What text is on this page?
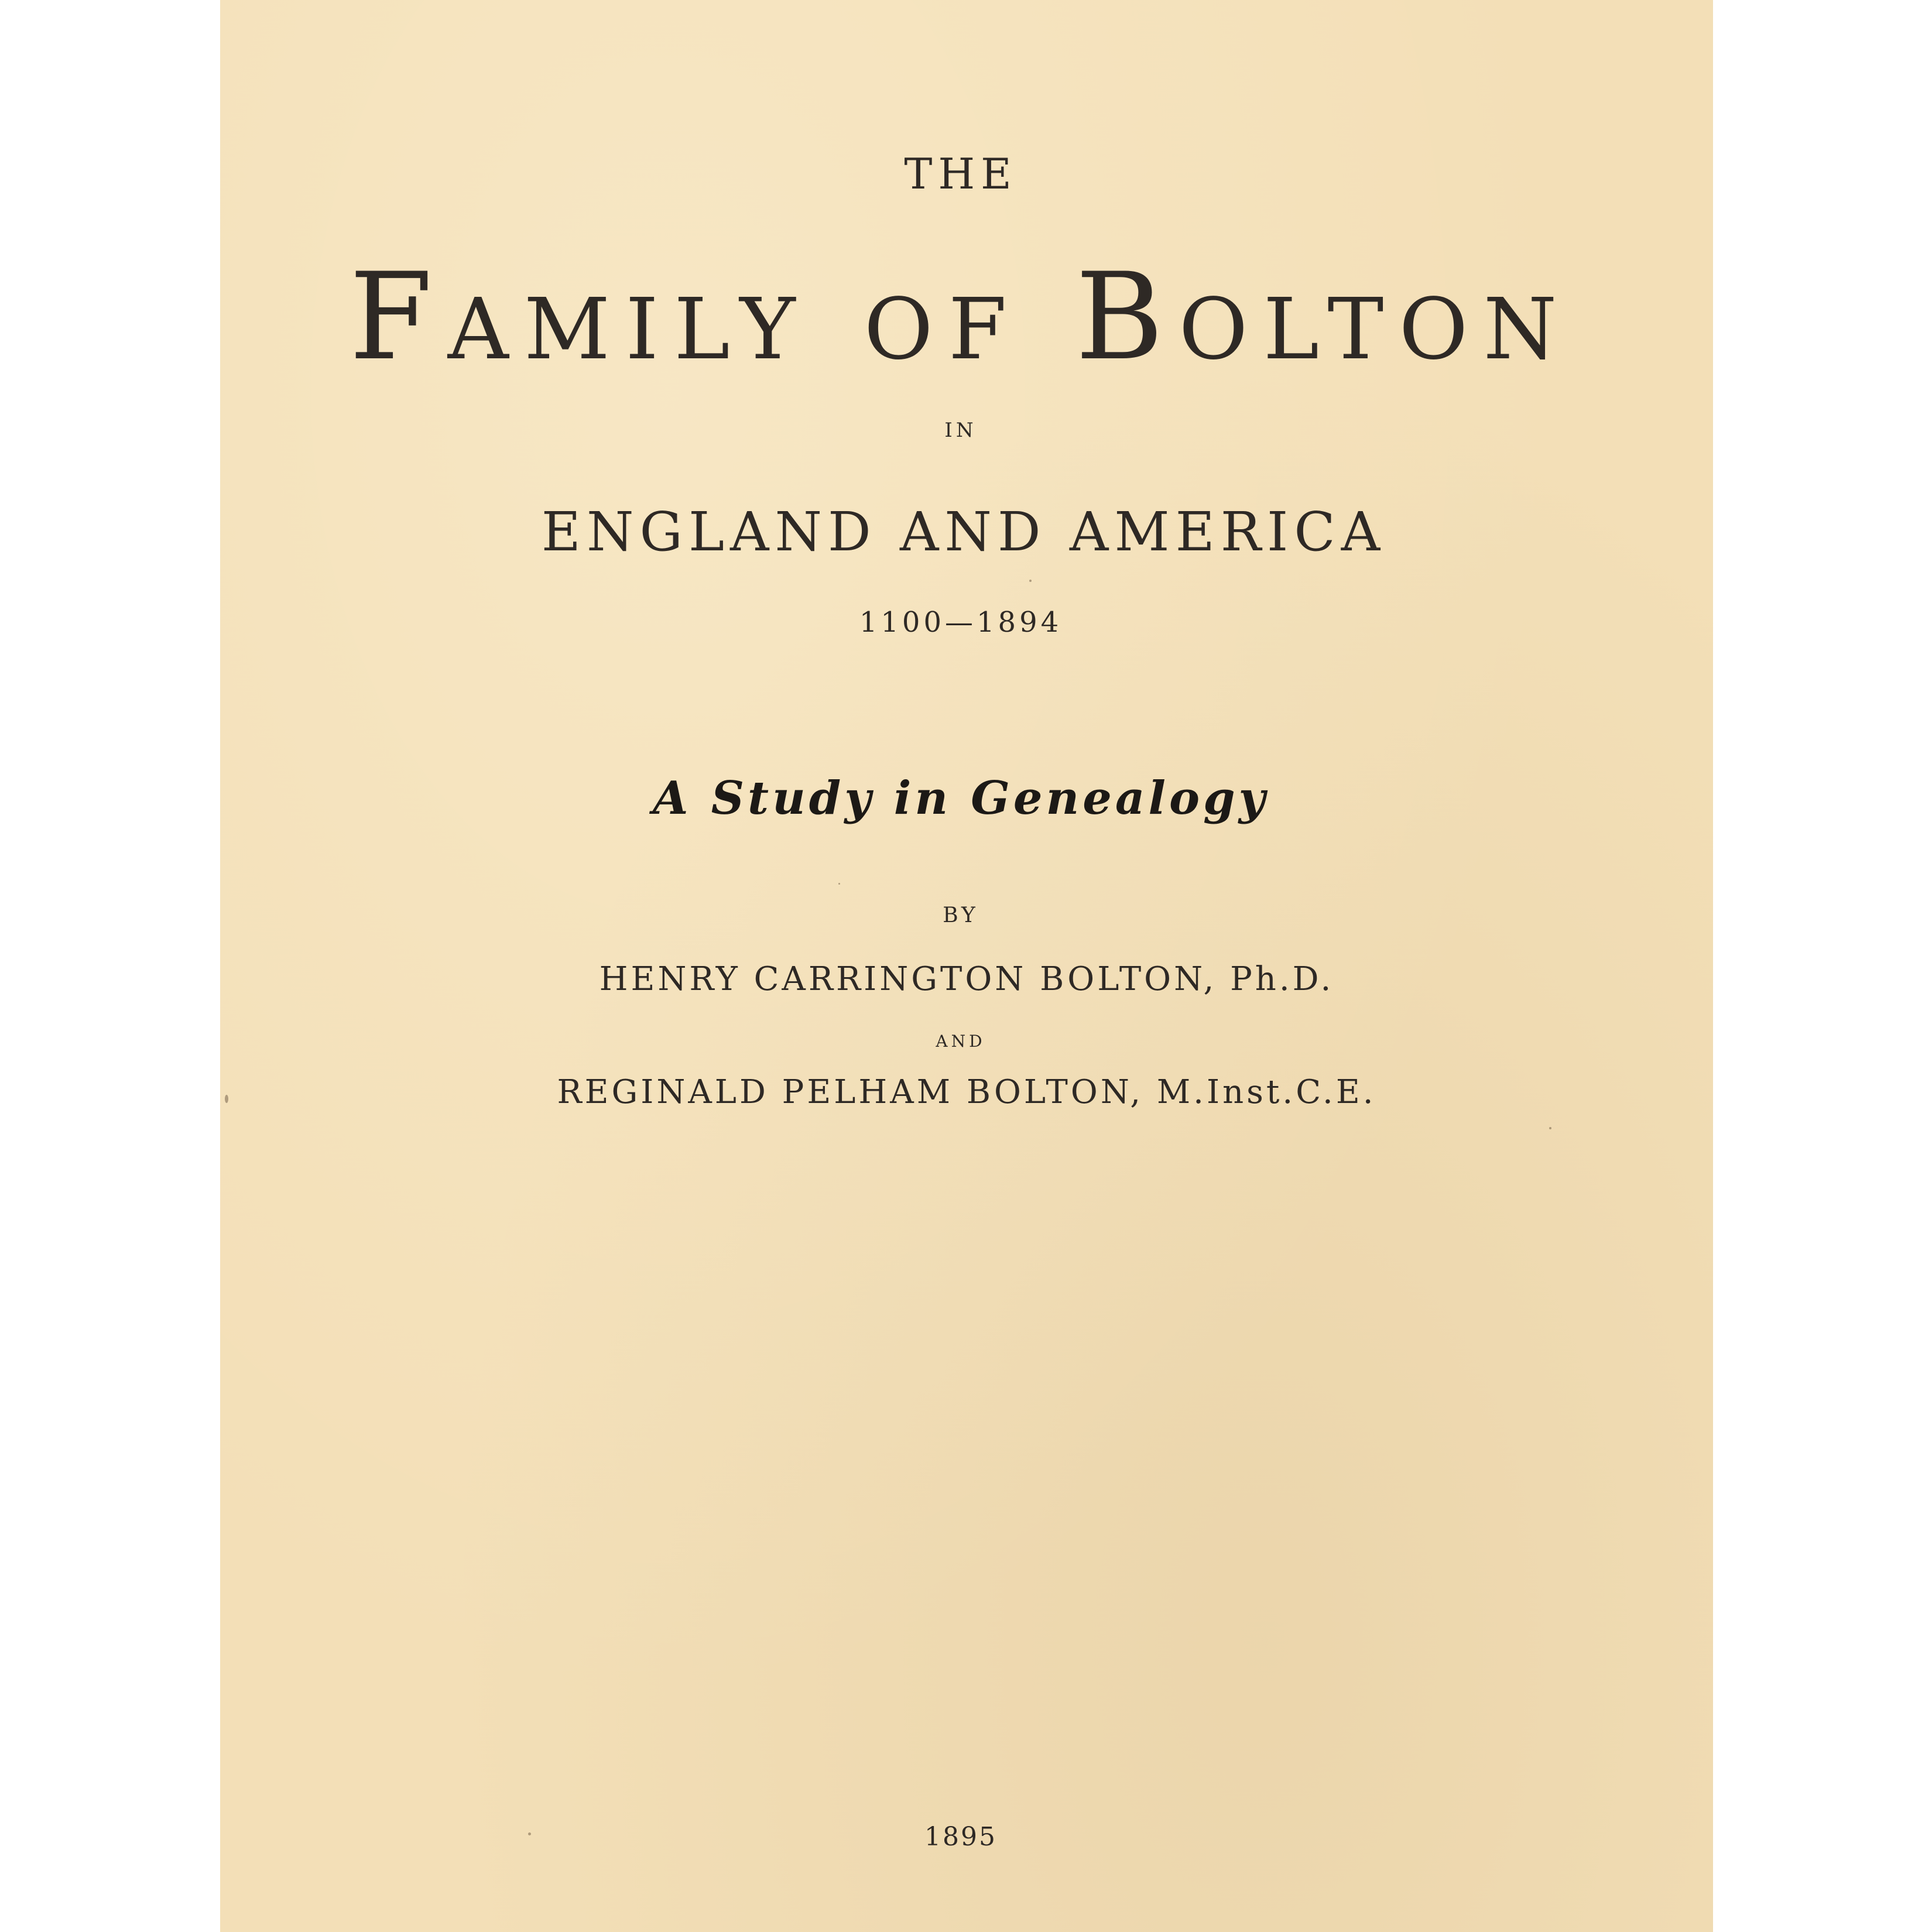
THE
Family of Bolton
IN
ENGLAND AND AMERICA
1100—1894
A Study in Genealogy
BY
HENRY CARRINGTON BOLTON, Ph.D.
AND
REGINALD PELHAM BOLTON, M.Inst.C.E.
1895
